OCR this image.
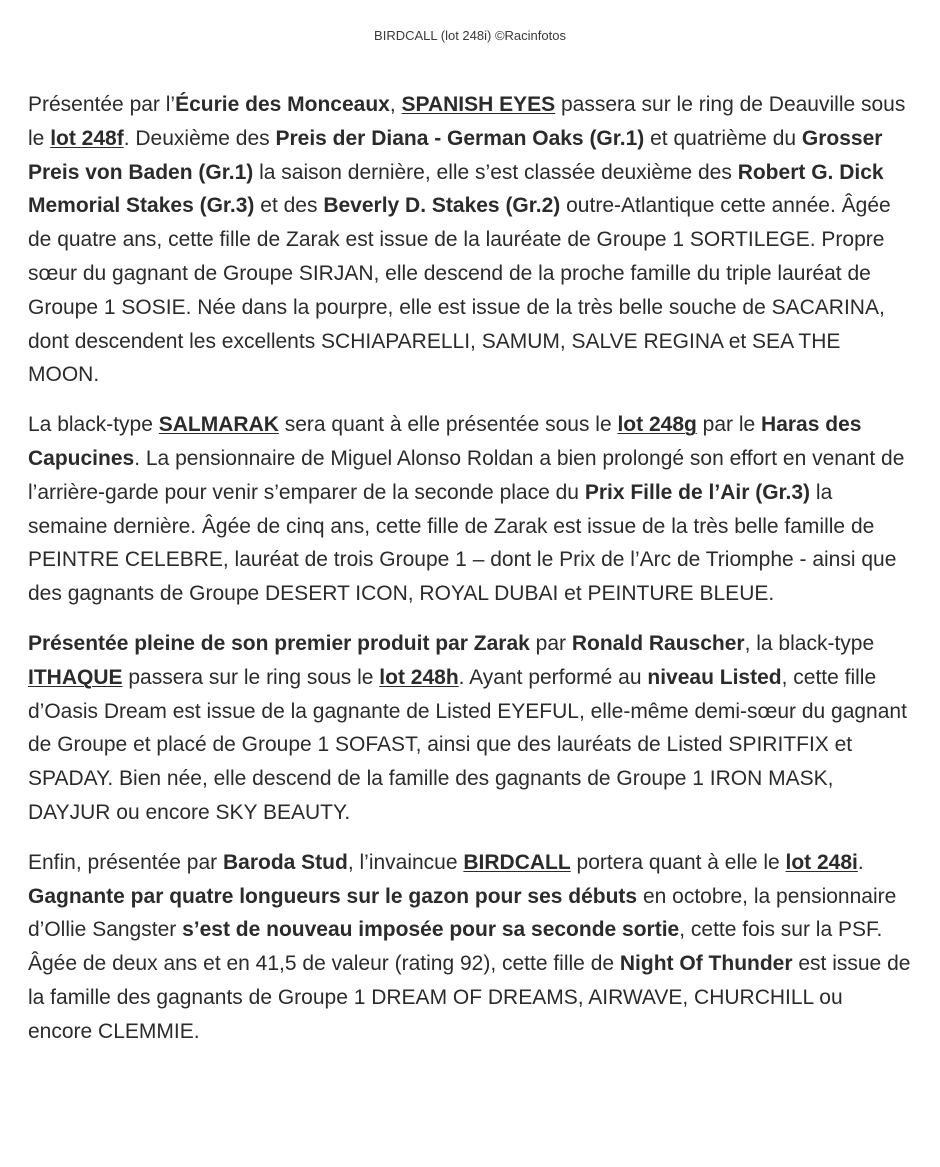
BIRDCALL (lot 248i) ©Racinfotos

Présentée par l’Écurie des Monceaux, SPANISH EYES passera sur le ring de Deauville sous le lot 248f. Deuxième des Preis der Diana - German Oaks (Gr.1) et quatrième du Grosser Preis von Baden (Gr.1) la saison dernière, elle s’est classée deuxième des Robert G. Dick Memorial Stakes (Gr.3) et des Beverly D. Stakes (Gr.2) outre-Atlantique cette année. Âgée de quatre ans, cette fille de Zarak est issue de la lauréate de Groupe 1 SORTILEGE. Propre sœur du gagnant de Groupe SIRJAN, elle descend de la proche famille du triple lauréat de Groupe 1 SOSIE. Née dans la pourpre, elle est issue de la très belle souche de SACARINA, dont descendent les excellents SCHIAPARELLI, SAMUM, SALVE REGINA et SEA THE MOON.

La black-type SALMARAK sera quant à elle présentée sous le lot 248g par le Haras des Capucines. La pensionnaire de Miguel Alonso Roldan a bien prolongé son effort en venant de l’arrière-garde pour venir s’emparer de la seconde place du Prix Fille de l’Air (Gr.3) la semaine dernière. Âgée de cinq ans, cette fille de Zarak est issue de la très belle famille de PEINTRE CELEBRE, lauréat de trois Groupe 1 – dont le Prix de l’Arc de Triomphe - ainsi que des gagnants de Groupe DESERT ICON, ROYAL DUBAI et PEINTURE BLEUE.

Présentée pleine de son premier produit par Zarak par Ronald Rauscher, la black-type ITHAQUE passera sur le ring sous le lot 248h. Ayant performé au niveau Listed, cette fille d’Oasis Dream est issue de la gagnante de Listed EYEFUL, elle-même demi-sœur du gagnant de Groupe et placé de Groupe 1 SOFAST, ainsi que des lauréats de Listed SPIRITFIX et SPADAY. Bien née, elle descend de la famille des gagnants de Groupe 1 IRON MASK, DAYJUR ou encore SKY BEAUTY.

Enfin, présentée par Baroda Stud, l’invaincue BIRDCALL portera quant à elle le lot 248i. Gagnante par quatre longueurs sur le gazon pour ses débuts en octobre, la pensionnaire d’Ollie Sangster s’est de nouveau imposée pour sa seconde sortie, cette fois sur la PSF. Âgée de deux ans et en 41,5 de valeur (rating 92), cette fille de Night Of Thunder est issue de la famille des gagnants de Groupe 1 DREAM OF DREAMS, AIRWAVE, CHURCHILL ou encore CLEMMIE.
